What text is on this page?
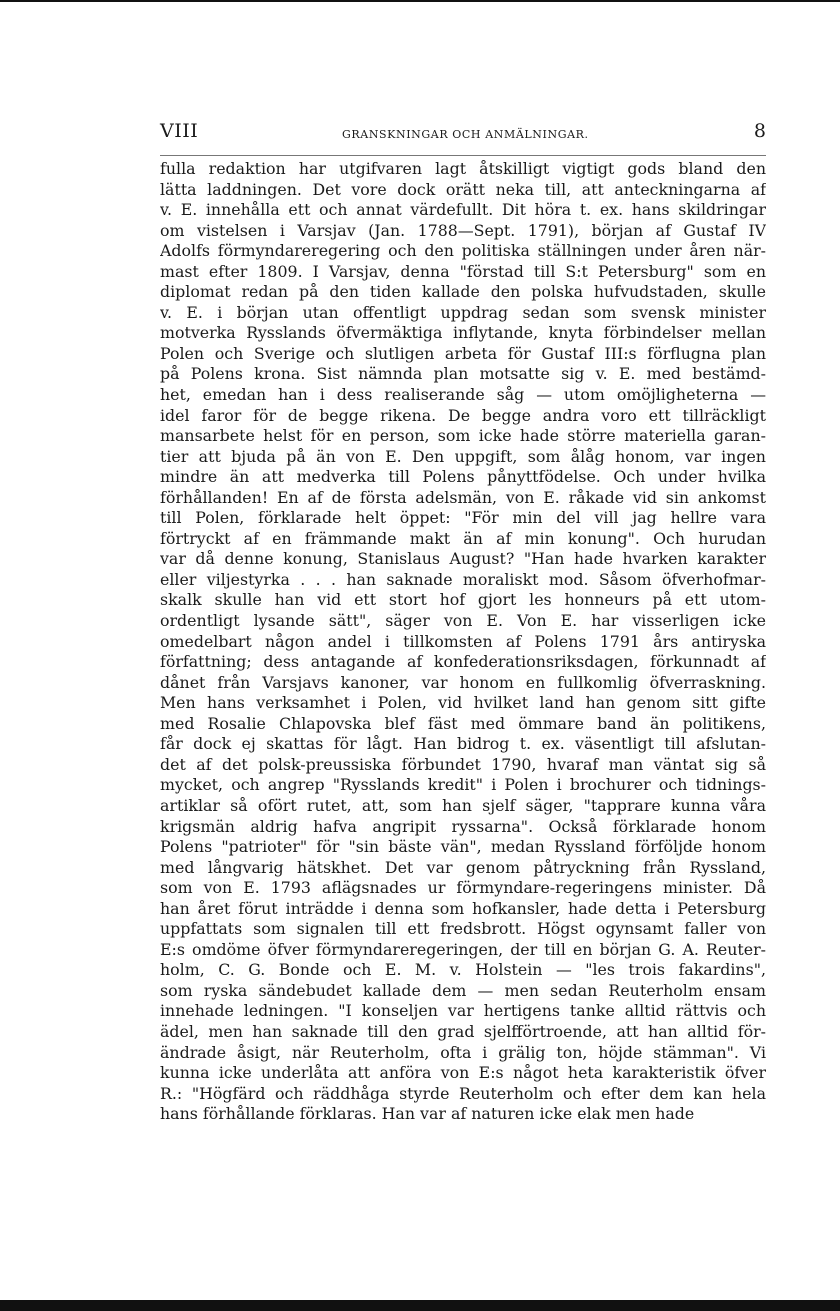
VIII	GRANSKNINGAR OCH ANMÄLNINGAR.	8
fulla redaktion har utgifvaren lagt åtskilligt vigtigt gods bland den
lätta laddningen. Det vore dock orätt neka till, att anteckningarna af
v. E. innehålla ett och annat värdefullt. Dit höra t. ex. hans skildringar
om vistelsen i Varsjav (Jan. 1788—Sept. 1791), början af Gustaf IV
Adolfs förmyndareregering och den politiska ställningen under åren när-
mast efter 1809. I Varsjav, denna "förstad till S:t Petersburg" som en
diplomat redan på den tiden kallade den polska hufvudstaden, skulle
v. E. i början utan offentligt uppdrag sedan som svensk minister
motverka Rysslands öfvermäktiga inflytande, knyta förbindelser mellan
Polen och Sverige och slutligen arbeta för Gustaf III:s förflugna plan
på Polens krona. Sist nämnda plan motsatte sig v. E. med bestämd-
het, emedan han i dess realiserande såg — utom omöjligheterna —
idel faror för de begge rikena. De begge andra voro ett tillräckligt
mansarbete helst för en person, som icke hade större materiella garan-
tier att bjuda på än von E. Den uppgift, som ålåg honom, var ingen
mindre än att medverka till Polens pånyttfödelse. Och under hvilka
förhållanden! En af de första adelsmän, von E. råkade vid sin ankomst
till Polen, förklarade helt öppet: "För min del vill jag hellre vara
förtryckt af en främmande makt än af min konung". Och hurudan
var då denne konung, Stanislaus August? "Han hade hvarken karakter
eller viljestyrka . . . han saknade moraliskt mod. Såsom öfverhofmar-
skalk skulle han vid ett stort hof gjort les honneurs på ett utom-
ordentligt lysande sätt", säger von E. Von E. har visserligen icke
omedelbart någon andel i tillkomsten af Polens 1791 års antiryska
författning; dess antagande af konfederationsriksdagen, förkunnadt af
dånet från Varsjavs kanoner, var honom en fullkomlig öfverraskning.
Men hans verksamhet i Polen, vid hvilket land han genom sitt gifte
med Rosalie Chlapovska blef fäst med ömmare band än politikens,
får dock ej skattas för lågt. Han bidrog t. ex. väsentligt till afslutan-
det af det polsk-preussiska förbundet 1790, hvaraf man väntat sig så
mycket, och angrep "Rysslands kredit" i Polen i brochurer och tidnings-
artiklar så ofört rutet, att, som han sjelf säger, "tapprare kunna våra
krigsmän aldrig hafva angripit ryssarna". Också förklarade honom
Polens "patrioter" för "sin bäste vän", medan Ryssland förföljde honom
med långvarig hätskhet. Det var genom påtryckning från Ryssland,
som von E. 1793 aflägsnades ur förmyndare-regeringens minister. Då
han året förut inträdde i denna som hofkansler, hade detta i Petersburg
uppfattats som signalen till ett fredsbrott. Högst ogynsamt faller von
E:s omdöme öfver förmyndareregeringen, der till en början G. A. Reuter-
holm, C. G. Bonde och E. M. v. Holstein — "les trois fakardins",
som ryska sändebudet kallade dem — men sedan Reuterholm ensam
innehade ledningen. "I konseljen var hertigens tanke alltid rättvis och
ädel, men han saknade till den grad sjelfförtroende, att han alltid för-
ändrade åsigt, när Reuterholm, ofta i grälig ton, höjde stämman". Vi
kunna icke underlåta att anföra von E:s något heta karakteristik öfver
R.: "Högfärd och räddhåga styrde Reuterholm och efter dem kan hela
hans förhållande förklaras. Han var af naturen icke elak men hade
